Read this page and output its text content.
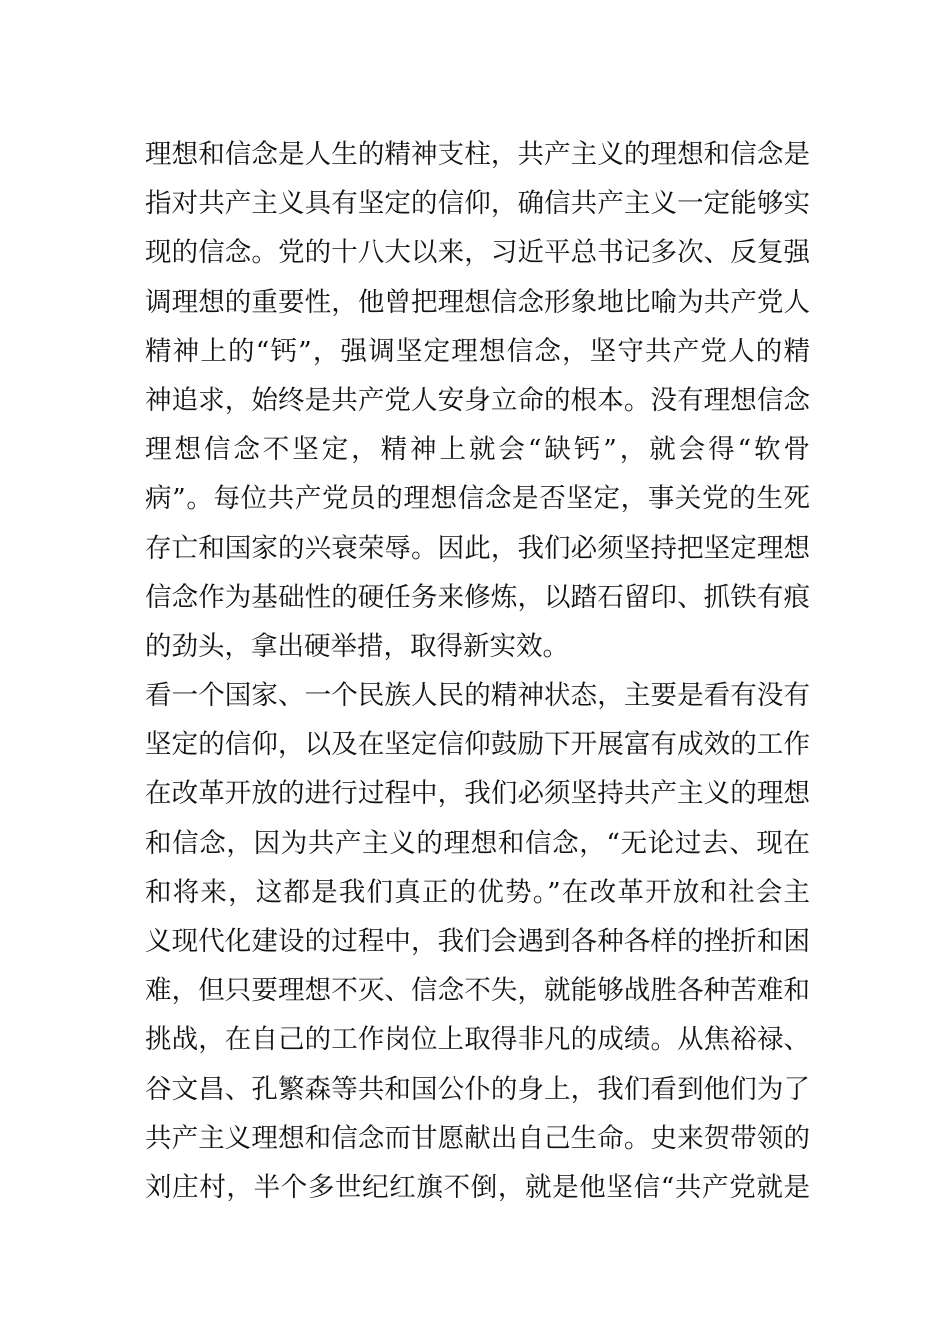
理想和信念是人生的精神支柱，共产主义的理想和信念是
指对共产主义具有坚定的信仰，确信共产主义一定能够实
现的信念。党的十八大以来，习近平总书记多次、反复强
调理想的重要性，他曾把理想信念形象地比喻为共产党人
精神上的“钙”，强调坚定理想信念，坚守共产党人的精
神追求，始终是共产党人安身立命的根本。没有理想信念
理想信念不坚定，精神上就会“缺钙”，就会得“软骨
病”。每位共产党员的理想信念是否坚定，事关党的生死
存亡和国家的兴衰荣辱。因此，我们必须坚持把坚定理想
信念作为基础性的硬任务来修炼，以踏石留印、抓铁有痕
的劲头，拿出硬举措，取得新实效。
看一个国家、一个民族人民的精神状态，主要是看有没有
坚定的信仰，以及在坚定信仰鼓励下开展富有成效的工作
在改革开放的进行过程中，我们必须坚持共产主义的理想
和信念，因为共产主义的理想和信念，“无论过去、现在
和将来，这都是我们真正的优势。”在改革开放和社会主
义现代化建设的过程中，我们会遇到各种各样的挫折和困
难，但只要理想不灭、信念不失，就能够战胜各种苦难和
挑战，在自己的工作岗位上取得非凡的成绩。从焦裕禄、
谷文昌、孔繁森等共和国公仆的身上，我们看到他们为了
共产主义理想和信念而甘愿献出自己生命。史来贺带领的
刘庄村，半个多世纪红旗不倒，就是他坚信“共产党就是
